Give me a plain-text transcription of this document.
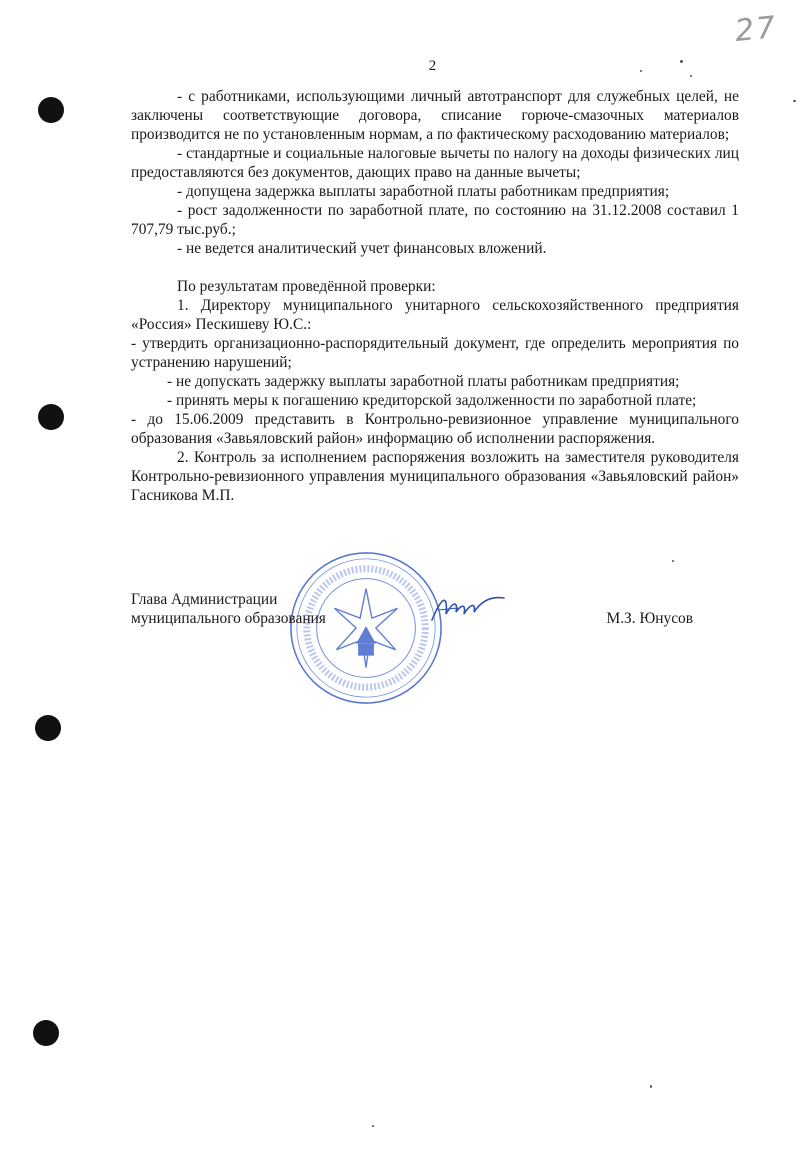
27
2

- с работниками, использующими личный автотранспорт для служебных целей, не заключены соответствующие договора, списание горюче-смазочных материалов производится не по установленным нормам, а по фактическому расходованию материалов;

- стандартные и социальные налоговые вычеты по налогу на доходы физических лиц предоставляются без документов, дающих право на данные вычеты;

- допущена задержка выплаты заработной платы работникам предприятия;

- рост задолженности по заработной плате, по состоянию на 31.12.2008 составил 1 707,79 тыс.руб.;

- не ведется аналитический учет финансовых вложений.

По результатам проведённой проверки:

1. Директору муниципального унитарного сельскохозяйственного предприятия «Россия» Пескишеву Ю.С.:

- утвердить организационно-распорядительный документ, где определить мероприятия по устранению нарушений;

- не допускать задержку выплаты заработной платы работникам предприятия;

- принять меры к погашению кредиторской задолженности по заработной плате;

- до 15.06.2009 представить в Контрольно-ревизионное управление муниципального образования «Завьяловский район» информацию об исполнении распоряжения.

2. Контроль за исполнением распоряжения возложить на заместителя руководителя Контрольно-ревизионного управления муниципального образования «Завьяловский район» Гасникова М.П.

Глава Администрации
муниципального образования	М.З. Юнусов
